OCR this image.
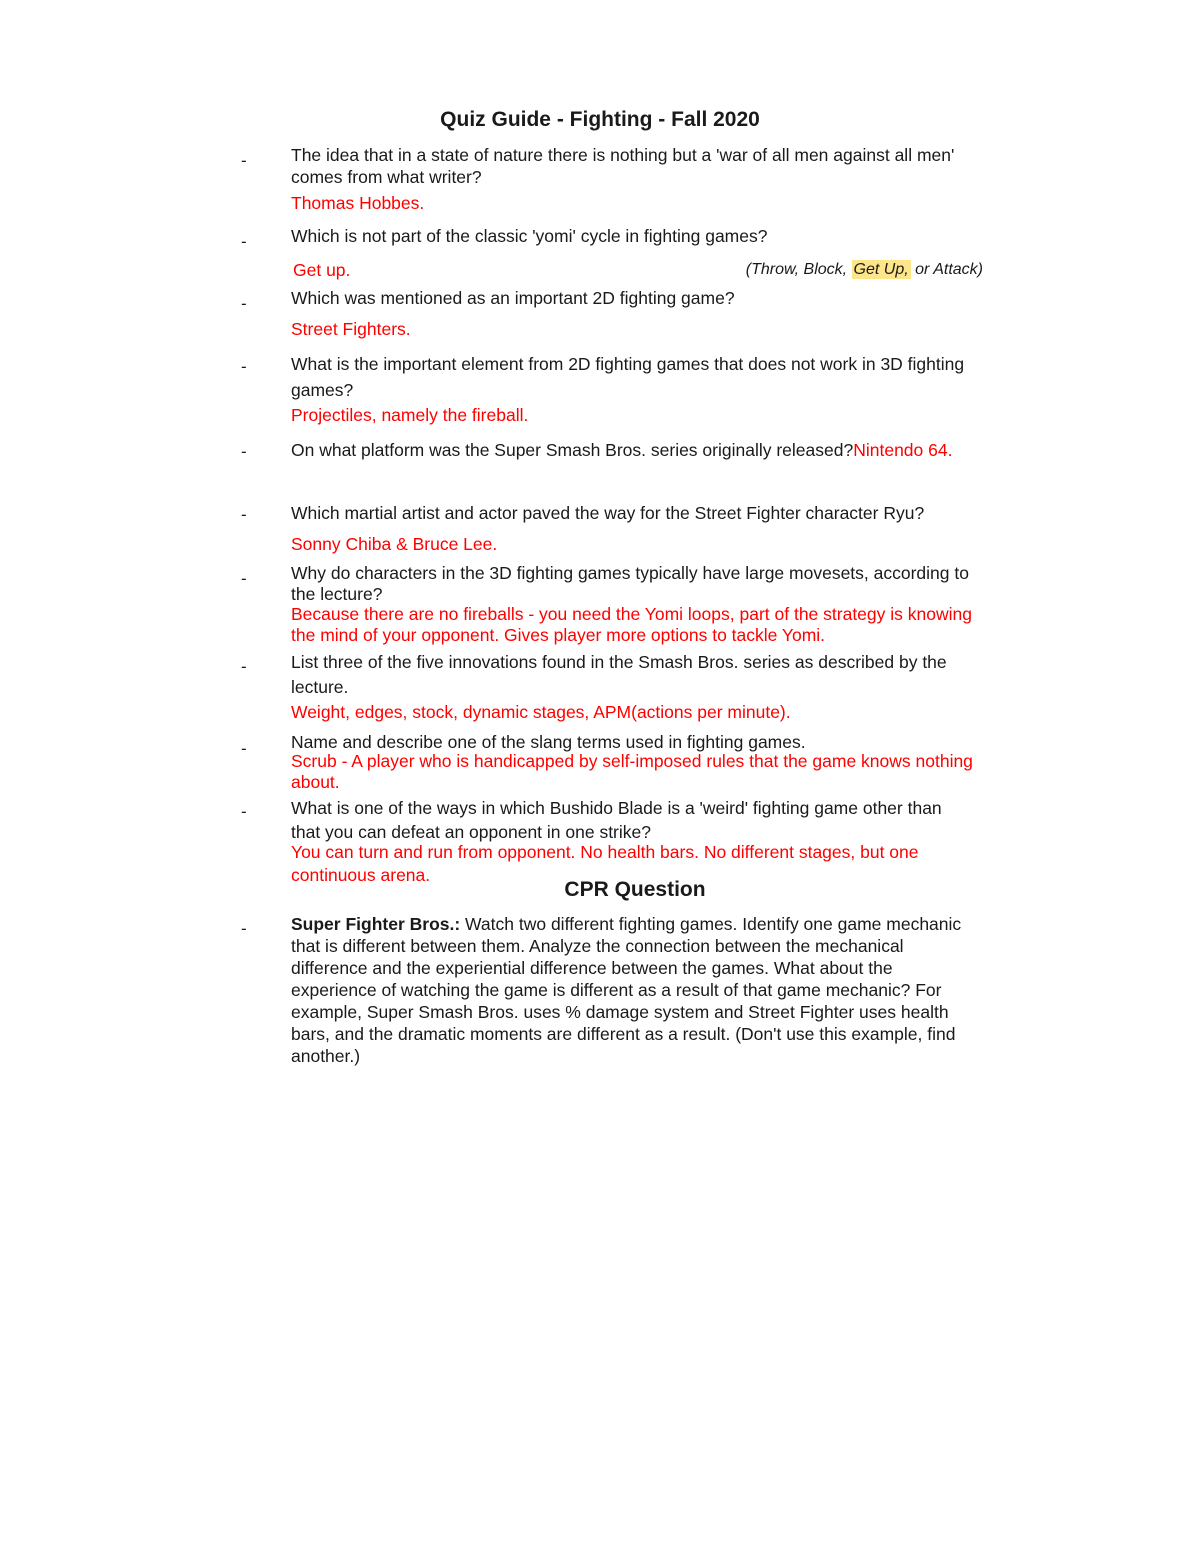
Quiz Guide - Fighting - Fall 2020
-	The idea that in a state of nature there is nothing but a 'war of all men against all men' comes from what writer?
Thomas Hobbes.
-	Which is not part of the classic 'yomi' cycle in fighting games?
Get up.	(Throw, Block, Get Up, or Attack)
-	Which was mentioned as an important 2D fighting game?
Street Fighters.
-	What is the important element from 2D fighting games that does not work in 3D fighting games?
Projectiles, namely the fireball.
-	On what platform was the Super Smash Bros. series originally released?Nintendo 64.
-	Which martial artist and actor paved the way for the Street Fighter character Ryu?Sonny Chiba & Bruce Lee.
-	Why do characters in the 3D fighting games typically have large movesets, according to the lecture?
Because there are no fireballs - you need the Yomi loops, part of the strategy is knowing the mind of your opponent. Gives player more options to tackle Yomi.
-	List three of the five innovations found in the Smash Bros. series as described by the lecture.
Weight, edges, stock, dynamic stages, APM(actions per minute).
-	Name and describe one of the slang terms used in fighting games.
Scrub - A player who is handicapped by self-imposed rules that the game knows nothing about.
-	What is one of the ways in which Bushido Blade is a 'weird' fighting game other than that you can defeat an opponent in one strike?
You can turn and run from opponent. No health bars. No different stages, but one continuous arena.
CPR Question
-	Super Fighter Bros.: Watch two different fighting games. Identify one game mechanic that is different between them. Analyze the connection between the mechanical difference and the experiential difference between the games. What about the experience of watching the game is different as a result of that game mechanic? For example, Super Smash Bros. uses % damage system and Street Fighter uses health bars, and the dramatic moments are different as a result. (Don't use this example, find another.)
